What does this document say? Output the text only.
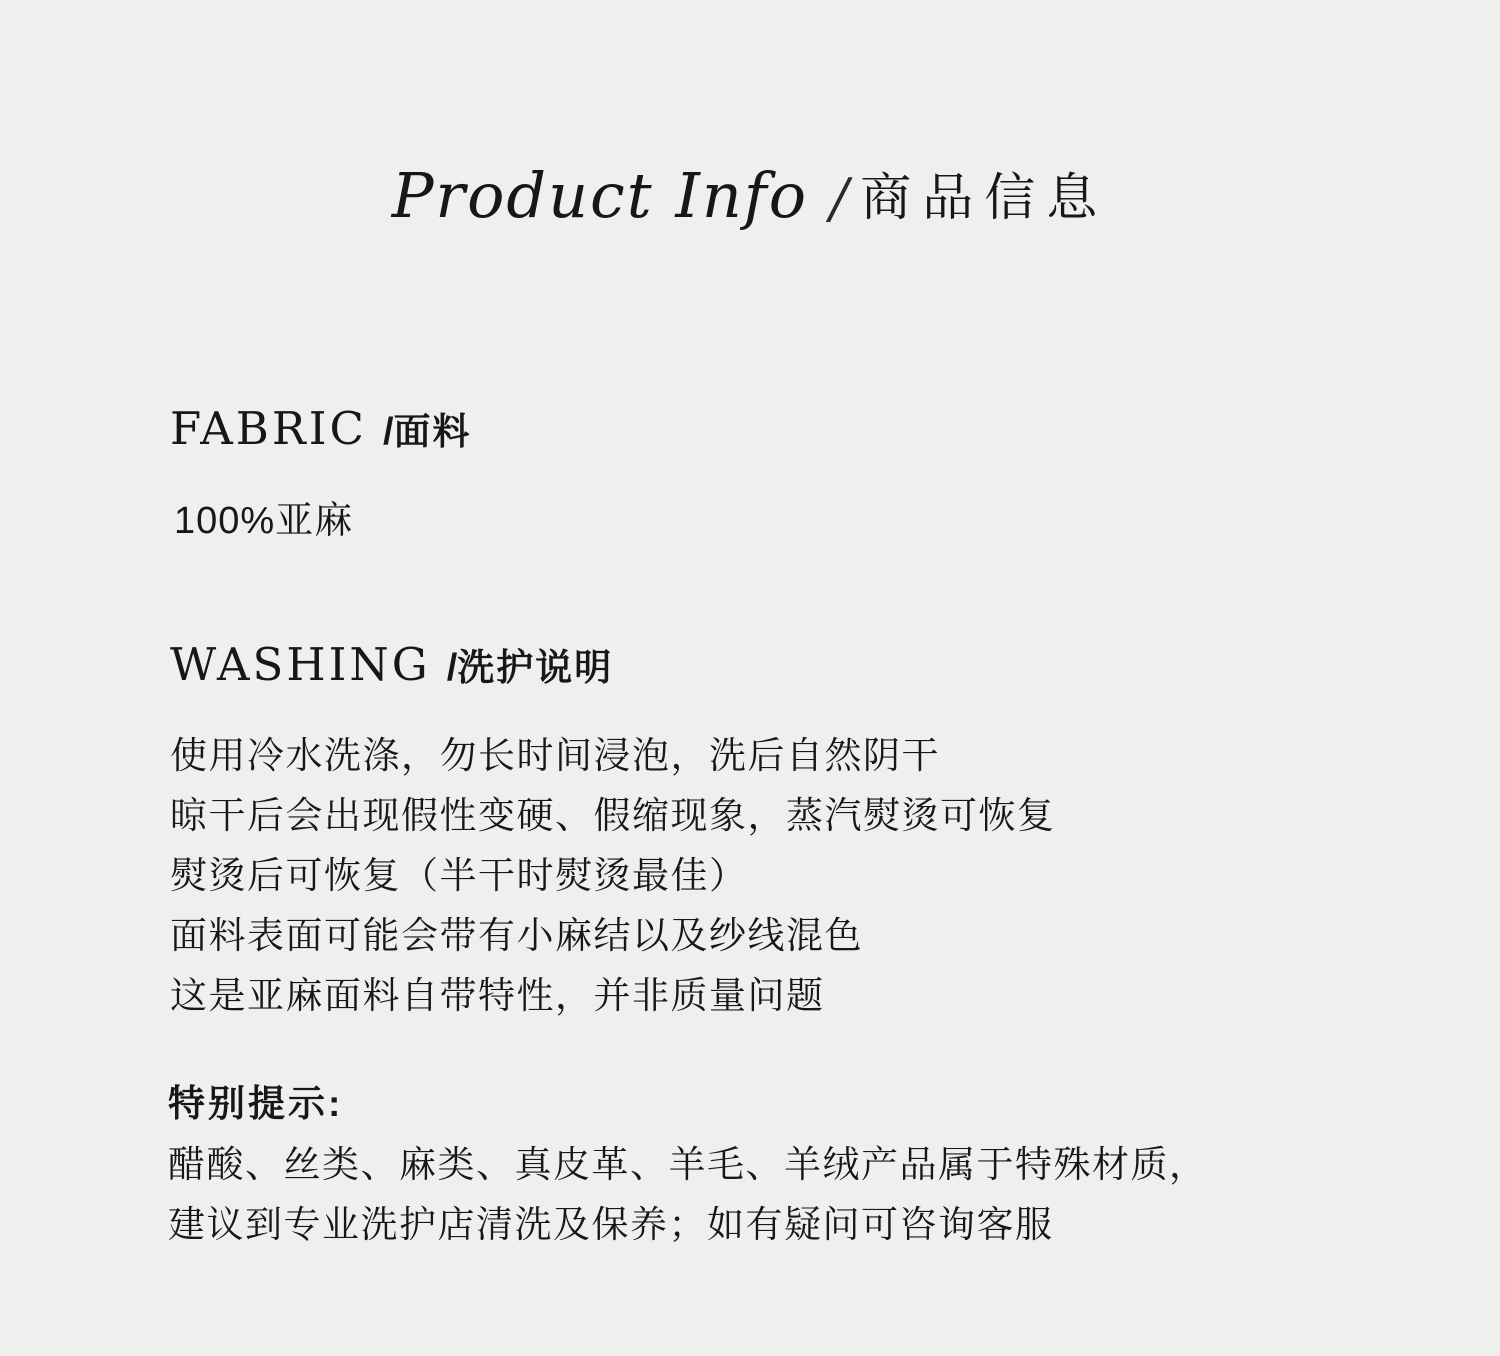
Product Info / 商品信息
FABRIC /面料
100%亚麻
WASHING /洗护说明
使用冷水洗涤，勿长时间浸泡，洗后自然阴干
晾干后会出现假性变硬、假缩现象，蒸汽熨烫可恢复
熨烫后可恢复（半干时熨烫最佳）
面料表面可能会带有小麻结以及纱线混色
这是亚麻面料自带特性，并非质量问题
特别提示:
醋酸、丝类、麻类、真皮革、羊毛、羊绒产品属于特殊材质，
建议到专业洗护店清洗及保养；如有疑问可咨询客服
